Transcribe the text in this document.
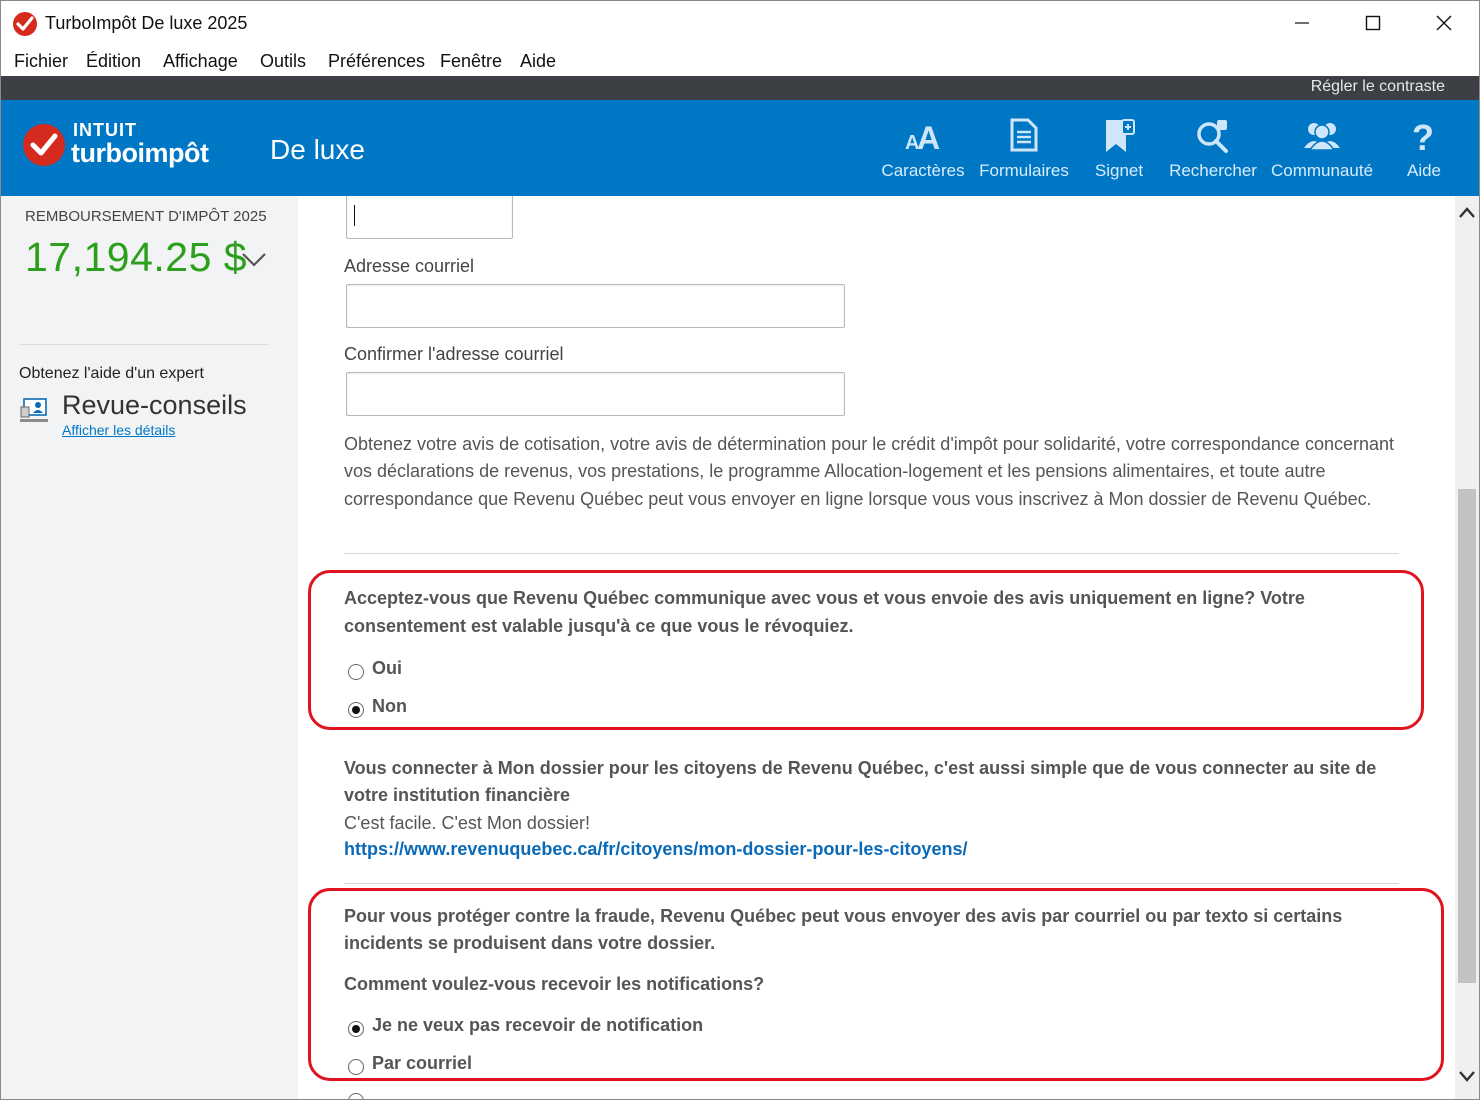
TurboImpôt De luxe 2025
Fichier Édition Affichage Outils Préférences Fenêtre Aide
Régler le contraste
INTUIT
turboimpôt De luxe	A
A
Caractères Formulaires	Signet	Rechercher Communauté
?
Aide
REMBOURSEMENT D'IMPÔT 2025
17,194.25 $
Obtenez l'aide d'un expert
Revue-conseils
Afficher les détails
Adresse courriel
Confirmer l'adresse courriel
Obtenez votre avis de cotisation, votre avis de détermination pour le crédit d'impôt pour solidarité, votre correspondance concernant vos déclarations de revenus, vos prestations, le programme Allocation-logement et les pensions alimentaires, et toute autre correspondance que Revenu Québec peut vous envoyer en ligne lorsque vous vous inscrivez à Mon dossier de Revenu Québec.
Acceptez-vous que Revenu Québec communique avec vous et vous envoie des avis uniquement en ligne? Votre consentement est valable jusqu'à ce que vous le révoquiez.
Oui
Non
Vous connecter à Mon dossier pour les citoyens de Revenu Québec, c'est aussi simple que de vous connecter au site de votre institution financière
C'est facile. C'est Mon dossier!
https://www.revenuquebec.ca/fr/citoyens/mon-dossier-pour-les-citoyens/
Pour vous protéger contre la fraude, Revenu Québec peut vous envoyer des avis par courriel ou par texto si certains incidents se produisent dans votre dossier.
Comment voulez-vous recevoir les notifications?
Je ne veux pas recevoir de notification
Par courriel
